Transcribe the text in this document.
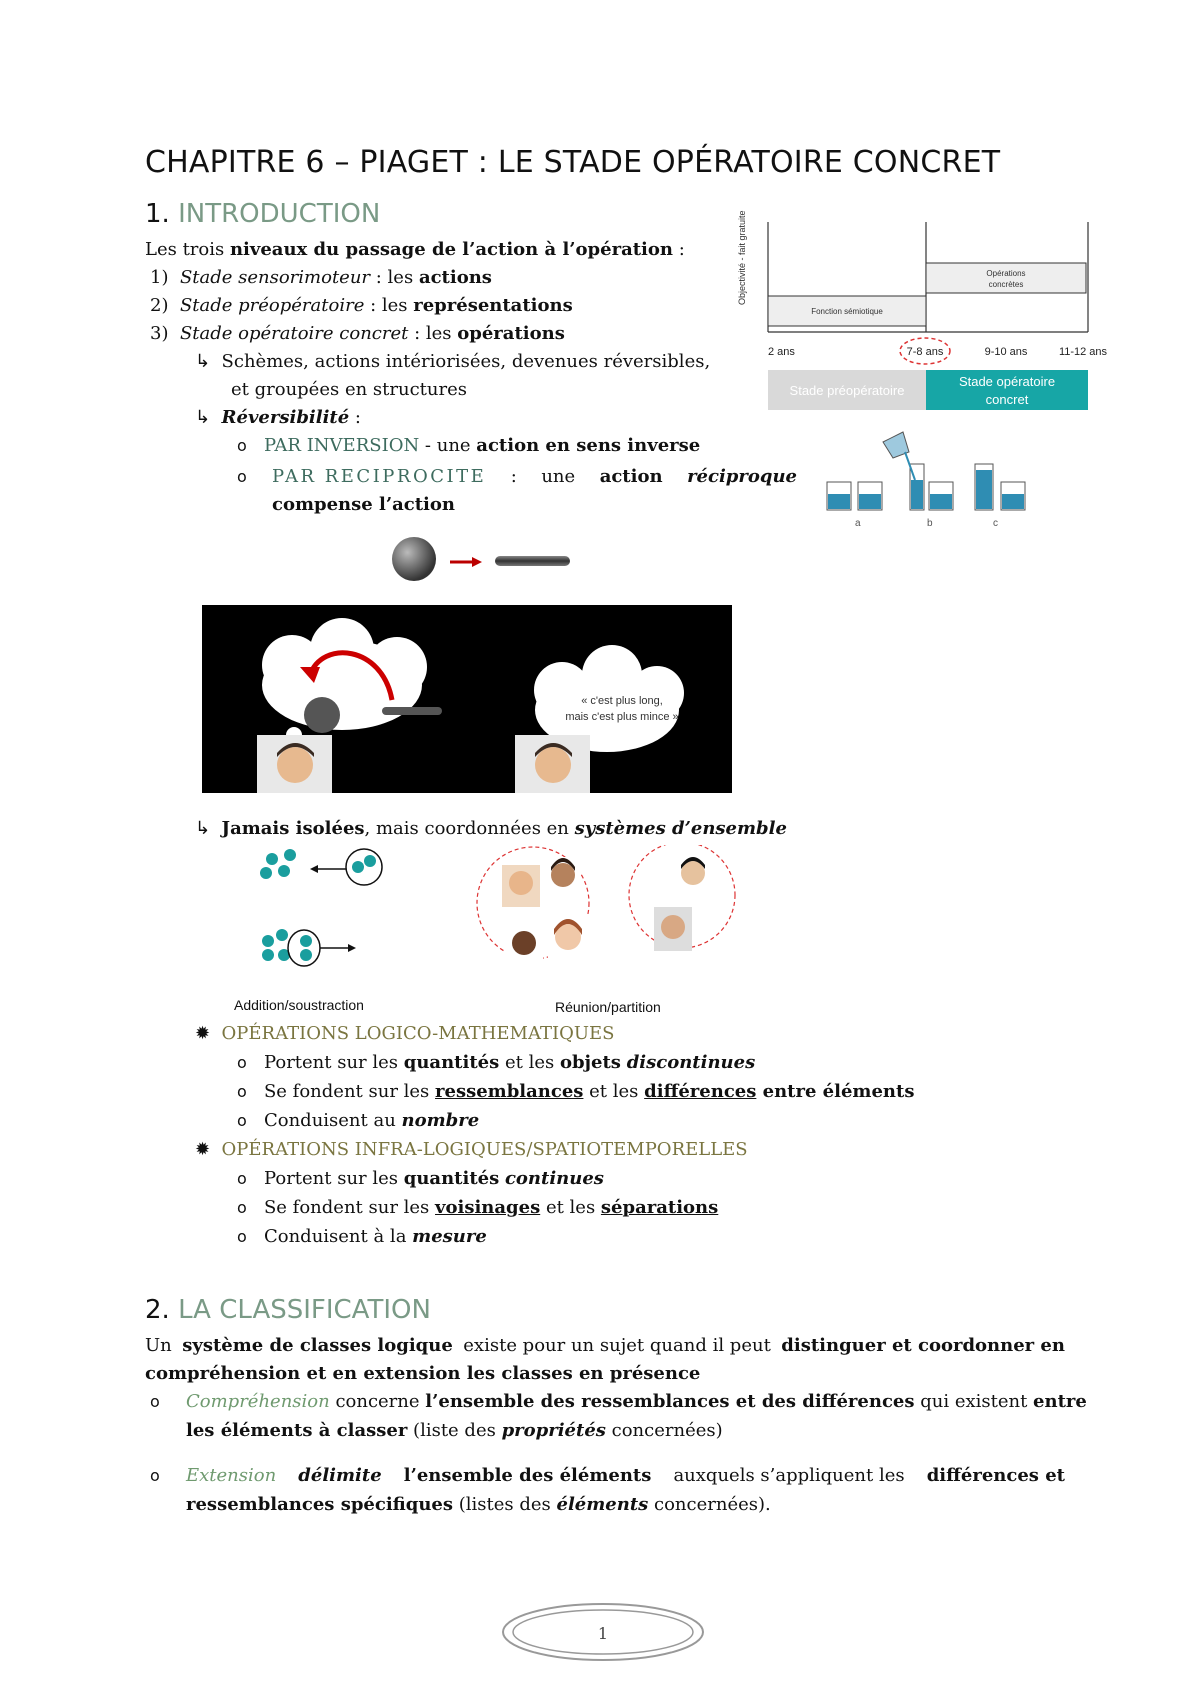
CHAPITRE 6 – PIAGET : LE STADE OPÉRATOIRE CONCRET
1. INTRODUCTION
Les trois niveaux du passage de l’action à l’opération :
1) Stade sensorimoteur : les actions
2) Stade préopératoire : les représentations
3) Stade opératoire concret : les opérations
↳ Schèmes, actions intériorisées, devenues réversibles,
et groupées en structures
↳ Réversibilité :
o PAR INVERSION - une action en sens inverse
o	PAR RECIPROCITE : une action réciproque
compense l’action
Objectivité - fait gratuite
Fonction sémiotique
Opérations
concrètes
2 ans	7-8 ans	9-10 ans	11-12 ans
Stade préopératoire
Stade opératoire
concret
a	b	c
« c'est plus long,
mais c'est plus mince »
↳ Jamais isolées, mais coordonnées en systèmes d’ensemble
Addition/soustraction	Réunion/partition
✹ OPÉRATIONS LOGICO-MATHEMATIQUES
o Portent sur les quantités et les objets discontinues
o Se fondent sur les ressemblances et les différences entre éléments
o Conduisent au nombre
✹ OPÉRATIONS INFRA-LOGIQUES/SPATIOTEMPORELLES
o Portent sur les quantités continues
o Se fondent sur les voisinages et les séparations
o Conduisent à la mesure
2. LA CLASSIFICATION
Un système de classes logique existe pour un sujet quand il peut distinguer et coordonner en
compréhension et en extension les classes en présence
o	Compréhension concerne l’ensemble des ressemblances et des différences qui existent entre
les éléments à classer (liste des propriétés concernées)
o Extension délimite l’ensemble des éléments auxquels s’appliquent les différences et
ressemblances spécifiques (listes des éléments concernées).
1
